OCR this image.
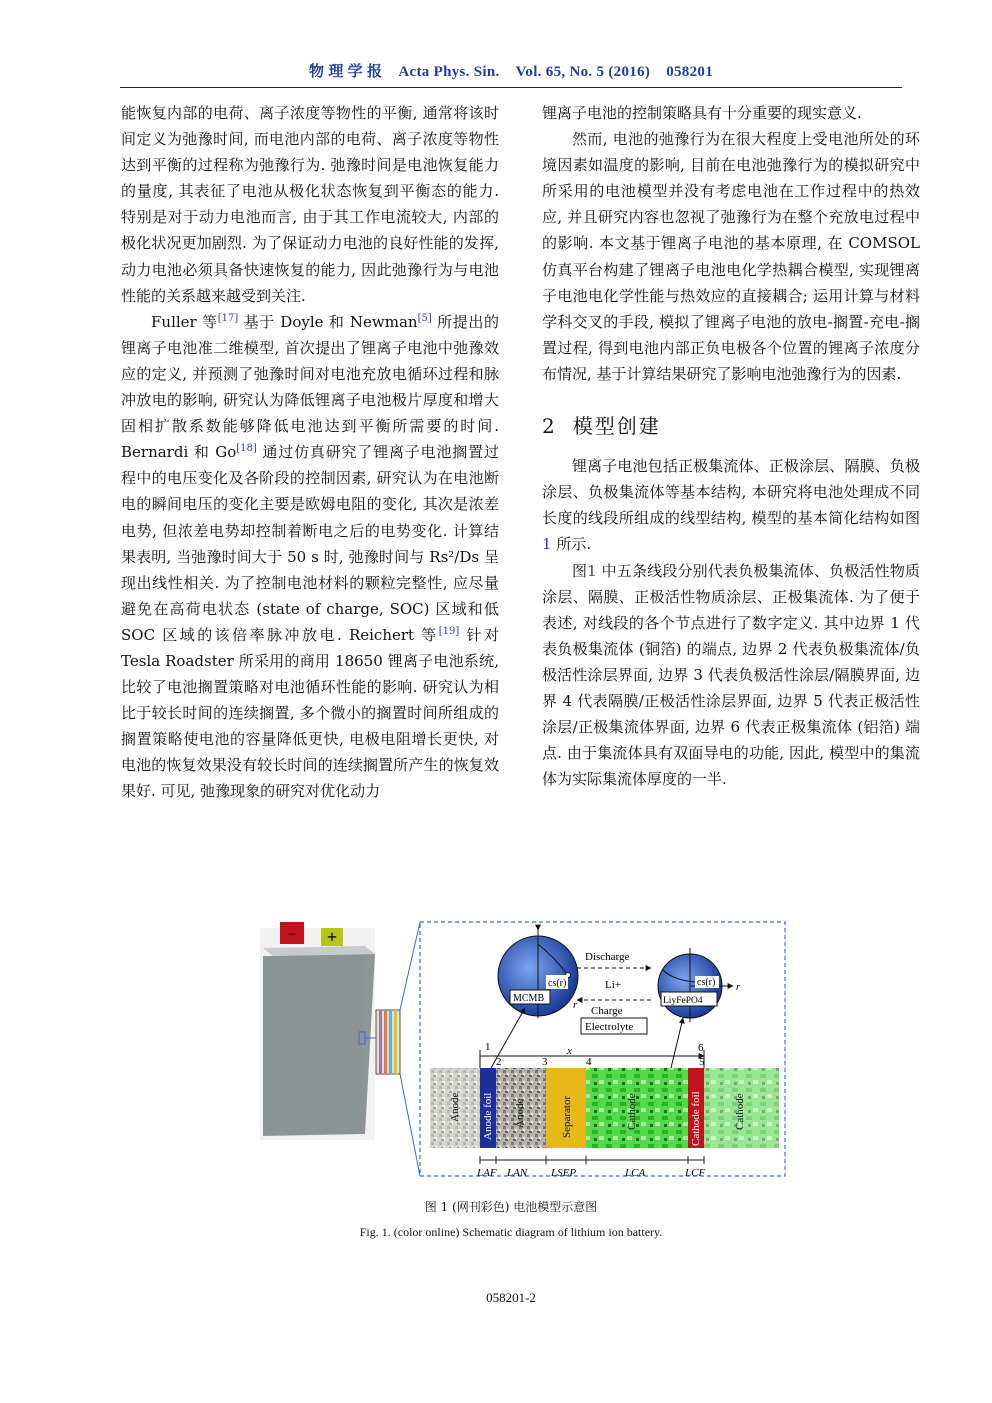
物 理 学 报 Acta Phys. Sin. Vol. 65, No. 5 (2016) 058201

能恢复内部的电荷、离子浓度等物性的平衡, 通常将该时间定义为弛豫时间, 而电池内部的电荷、离子浓度等物性达到平衡的过程称为弛豫行为. 弛豫时间是电池恢复能力的量度, 其表征了电池从极化状态恢复到平衡态的能力. 特别是对于动力电池而言, 由于其工作电流较大, 内部的极化状况更加剧烈. 为了保证动力电池的良好性能的发挥, 动力电池必须具备快速恢复的能力, 因此弛豫行为与电池性能的关系越来越受到关注.

Fuller 等[17] 基于 Doyle 和 Newman[5] 所提出的锂离子电池准二维模型, 首次提出了锂离子电池中弛豫效应的定义, 并预测了弛豫时间对电池充放电循环过程和脉冲放电的影响, 研究认为降低锂离子电池极片厚度和增大固相扩散系数能够降低电池达到平衡所需要的时间. Bernardi 和 Go[18] 通过仿真研究了锂离子电池搁置过程中的电压变化及各阶段的控制因素, 研究认为在电池断电的瞬间电压的变化主要是欧姆电阻的变化, 其次是浓差电势, 但浓差电势却控制着断电之后的电势变化. 计算结果表明, 当弛豫时间大于 50 s 时, 弛豫时间与 Rs²/Ds 呈现出线性相关. 为了控制电池材料的颗粒完整性, 应尽量避免在高荷电状态 (state of charge, SOC) 区域和低 SOC 区域的该倍率脉冲放电. Reichert 等[19] 针对 Tesla Roadster 所采用的商用 18650 锂离子电池系统, 比较了电池搁置策略对电池循环性能的影响. 研究认为相比于较长时间的连续搁置, 多个微小的搁置时间所组成的搁置策略使电池的容量降低更快, 电极电阻增长更快, 对电池的恢复效果没有较长时间的连续搁置所产生的恢复效果好. 可见, 弛豫现象的研究对优化动力

锂离子电池的控制策略具有十分重要的现实意义.

然而, 电池的弛豫行为在很大程度上受电池所处的环境因素如温度的影响, 目前在电池弛豫行为的模拟研究中所采用的电池模型并没有考虑电池在工作过程中的热效应, 并且研究内容也忽视了弛豫行为在整个充放电过程中的影响. 本文基于锂离子电池的基本原理, 在 COMSOL 仿真平台构建了锂离子电池电化学热耦合模型, 实现锂离子电池电化学性能与热效应的直接耦合; 运用计算与材料学科交叉的手段, 模拟了锂离子电池的放电-搁置-充电-搁置过程, 得到电池内部正负电极各个位置的锂离子浓度分布情况, 基于计算结果研究了影响电池弛豫行为的因素.

2 模型创建

锂离子电池包括正极集流体、正极涂层、隔膜、负极涂层、负极集流体等基本结构, 本研究将电池处理成不同长度的线段所组成的线型结构, 模型的基本简化结构如图1 所示.

图1 中五条线段分别代表负极集流体、负极活性物质涂层、隔膜、正极活性物质涂层、正极集流体. 为了便于表述, 对线段的各个节点进行了数字定义. 其中边界 1 代表负极集流体 (铜箔) 的端点, 边界 2 代表负极集流体/负极活性涂层界面, 边界 3 代表负极活性涂层/隔膜界面, 边界 4 代表隔膜/正极活性涂层界面, 边界 5 代表正极活性涂层/正极集流体界面, 边界 6 代表正极集流体 (铝箔) 端点. 由于集流体具有双面导电的功能, 因此, 模型中的集流体为实际集流体厚度的一半.

− +
Anode Anode foil Anode	Separator	Cathode	Cathode foil	Cathode
x
1
2	3	4	5
6
LAF LAN LSEP	LCA	LCF
cs(r)
MCMB
r
r
cs(r)
LiyFePO4
Discharge
Li+
Charge
Electrolyte
图 1 (网刊彩色) 电池模型示意图
Fig. 1. (color online) Schematic diagram of lithium ion battery.
058201-2
